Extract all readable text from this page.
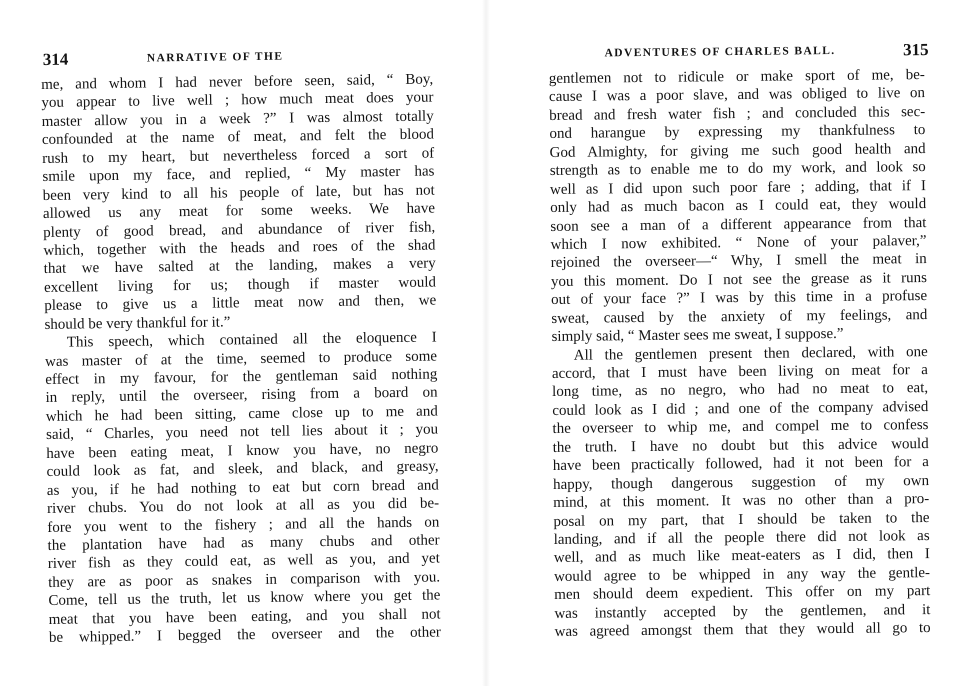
314	NARRATIVE OF THE
me, and whom I had never before seen, said, “ Boy,
you appear to live well ; how much meat does your
master allow you in a week ?” I was almost totally
confounded at the name of meat, and felt the blood
rush to my heart, but nevertheless forced a sort of
smile upon my face, and replied, “ My master has
been very kind to all his people of late, but has not
allowed us any meat for some weeks. We have
plenty of good bread, and abundance of river fish,
which, together with the heads and roes of the shad
that we have salted at the landing, makes a very
excellent living for us; though if master would
please to give us a little meat now and then, we
should be very thankful for it.”
This speech, which contained all the eloquence I
was master of at the time, seemed to produce some
effect in my favour, for the gentleman said nothing
in reply, until the overseer, rising from a board on
which he had been sitting, came close up to me and
said, “ Charles, you need not tell lies about it ; you
have been eating meat, I know you have, no negro
could look as fat, and sleek, and black, and greasy,
as you, if he had nothing to eat but corn bread and
river chubs. You do not look at all as you did be-
fore you went to the fishery ; and all the hands on
the plantation have had as many chubs and other
river fish as they could eat, as well as you, and yet
they are as poor as snakes in comparison with you.
Come, tell us the truth, let us know where you get the
meat that you have been eating, and you shall not
be whipped.” I begged the overseer and the other
ADVENTURES OF CHARLES BALL.	315
gentlemen not to ridicule or make sport of me, be-
cause I was a poor slave, and was obliged to live on
bread and fresh water fish ; and concluded this sec-
ond harangue by expressing my thankfulness to
God Almighty, for giving me such good health and
strength as to enable me to do my work, and look so
well as I did upon such poor fare ; adding, that if I
only had as much bacon as I could eat, they would
soon see a man of a different appearance from that
which I now exhibited. “ None of your palaver,”
rejoined the overseer—“ Why, I smell the meat in
you this moment. Do I not see the grease as it runs
out of your face ?” I was by this time in a profuse
sweat, caused by the anxiety of my feelings, and
simply said, “ Master sees me sweat, I suppose.”
All the gentlemen present then declared, with one
accord, that I must have been living on meat for a
long time, as no negro, who had no meat to eat,
could look as I did ; and one of the company advised
the overseer to whip me, and compel me to confess
the truth. I have no doubt but this advice would
have been practically followed, had it not been for a
happy, though dangerous suggestion of my own
mind, at this moment. It was no other than a pro-
posal on my part, that I should be taken to the
landing, and if all the people there did not look as
well, and as much like meat-eaters as I did, then I
would agree to be whipped in any way the gentle-
men should deem expedient. This offer on my part
was instantly accepted by the gentlemen, and it
was agreed amongst them that they would all go to
